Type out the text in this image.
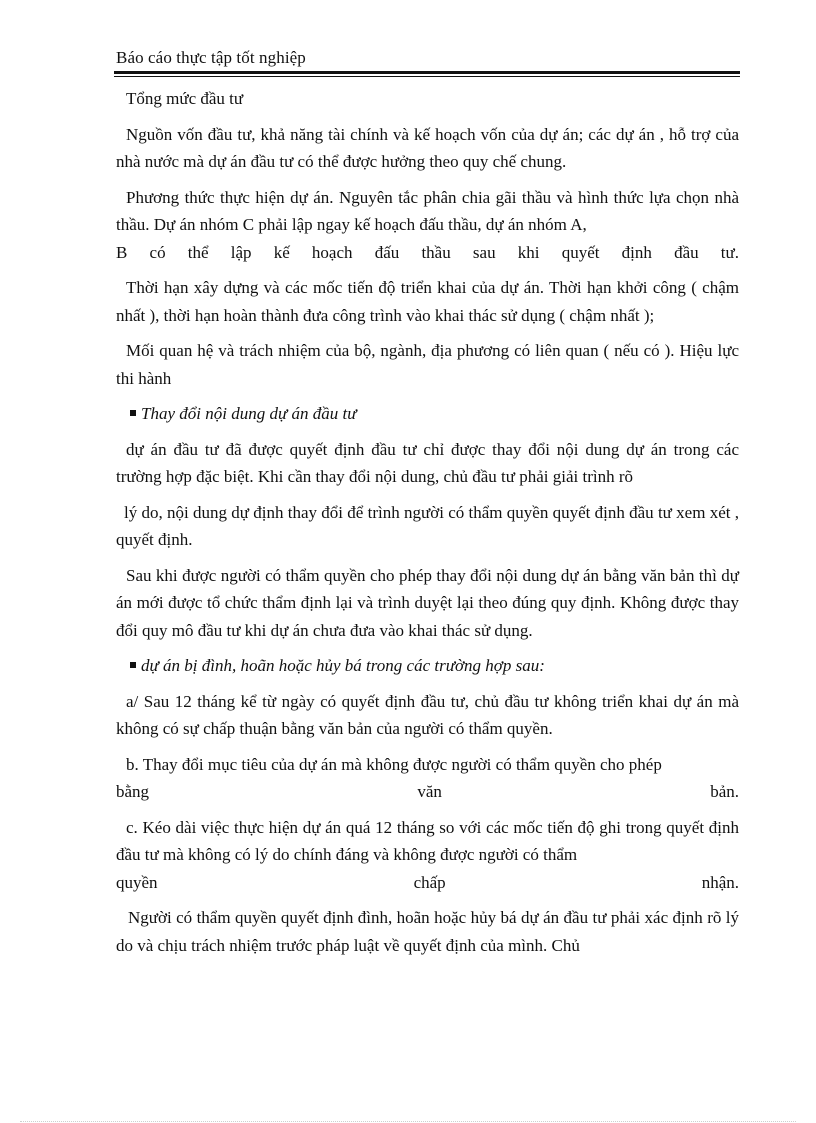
Báo cáo thực tập tốt nghiệp

Tổng mức đầu tư

Nguồn vốn đầu tư, khả năng tài chính và kế hoạch vốn của dự án; các dự án , hỗ trợ của nhà nước mà dự án đầu tư có thể được hưởng theo quy chế chung.

Phương thức thực hiện dự án. Nguyên tắc phân chia gãi thầu và hình thức lựa chọn nhà thầu. Dự án nhóm C phải lập ngay kế hoạch đấu thầu, dự án nhóm A,
B có thể lập kế hoạch đấu thầu sau khi quyết định đầu tư.

Thời hạn xây dựng và các mốc tiến độ triển khai của dự án. Thời hạn khởi công ( chậm nhất ), thời hạn hoàn thành đưa công trình vào khai thác sử dụng ( chậm nhất );

Mối quan hệ và trách nhiệm của bộ, ngành, địa phương có liên quan ( nếu có ). Hiệu lực thi hành

Thay đổi nội dung dự án đầu tư

dự án đầu tư đã được quyết định đầu tư chỉ được thay đổi nội dung dự án trong các trường hợp đặc biệt. Khi cần thay đổi nội dung, chủ đầu tư phải giải trình rõ

lý do, nội dung dự định thay đổi để trình người có thẩm quyền quyết định đầu tư xem xét , quyết định.

Sau khi được người có thẩm quyền cho phép thay đổi nội dung dự án bằng văn bản thì dự án mới được tổ chức thẩm định lại và trình duyệt lại theo đúng quy định. Không được thay đổi quy mô đầu tư khi dự án chưa đưa vào khai thác sử dụng.

dự án bị đình, hoãn hoặc hủy bá trong các trường hợp sau:

a/ Sau 12 tháng kể từ ngày có quyết định đầu tư, chủ đầu tư không triển khai dự án mà không có sự chấp thuận bằng văn bản của người có thẩm quyền.

b. Thay đổi mục tiêu của dự án mà không được người có thẩm quyền cho phép
bằng văn bản.
c. Kéo dài việc thực hiện dự án quá 12 tháng so với các mốc tiến độ ghi trong quyết định đầu tư mà không có lý do chính đáng và không được người có thẩm
quyền chấp nhận.

Người có thẩm quyền quyết định đình, hoãn hoặc hủy bá dự án đầu tư phải xác định rõ lý do và chịu trách nhiệm trước pháp luật về quyết định của mình. Chủ
